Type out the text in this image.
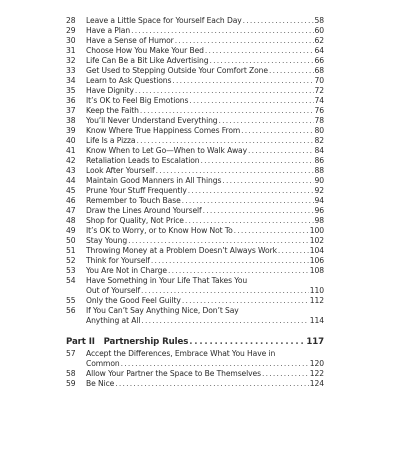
28	Leave a Little Space for Yourself Each Day . . .	58
29	Have a Plan . . .	60
30	Have a Sense of Humor . . .	62
31	Choose How You Make Your Bed . . .	64
32	Life Can Be a Bit Like Advertising . . .	66
33	Get Used to Stepping Outside Your Comfort Zone . . .	68
34	Learn to Ask Questions . . .	70
35	Have Dignity . . .	72
36	It’s OK to Feel Big Emotions . . .	74
37	Keep the Faith . . .	76
38	You’ll Never Understand Everything . . .	78
39	Know Where True Happiness Comes From . . .	80
40	Life Is a Pizza . . .	82
41	Know When to Let Go—When to Walk Away . . .	84
42	Retaliation Leads to Escalation . . .	86
43	Look After Yourself . . .	88
44	Maintain Good Manners in All Things . . .	90
45	Prune Your Stuff Frequently . . .	92
46	Remember to Touch Base . . .	94
47	Draw the Lines Around Yourself . . .	96
48	Shop for Quality, Not Price . . .	98
49	It’s OK to Worry, or to Know How Not To . . .	100
50	Stay Young . . .	102
51	Throwing Money at a Problem Doesn’t Always Work . . .	104
52	Think for Yourself . . .	106
53	You Are Not in Charge . . .	108
54	Have Something in Your Life That Takes You
Out of Yourself . . .	110
55	Only the Good Feel Guilty . . .	112
56	If You Can’t Say Anything Nice, Don’t Say
Anything at All . . .	114
Part II Partnership Rules . . .	117
57	Accept the Differences, Embrace What You Have in
Common . . .	120
58	Allow Your Partner the Space to Be Themselves . . .	122
59	Be Nice . . .	124
